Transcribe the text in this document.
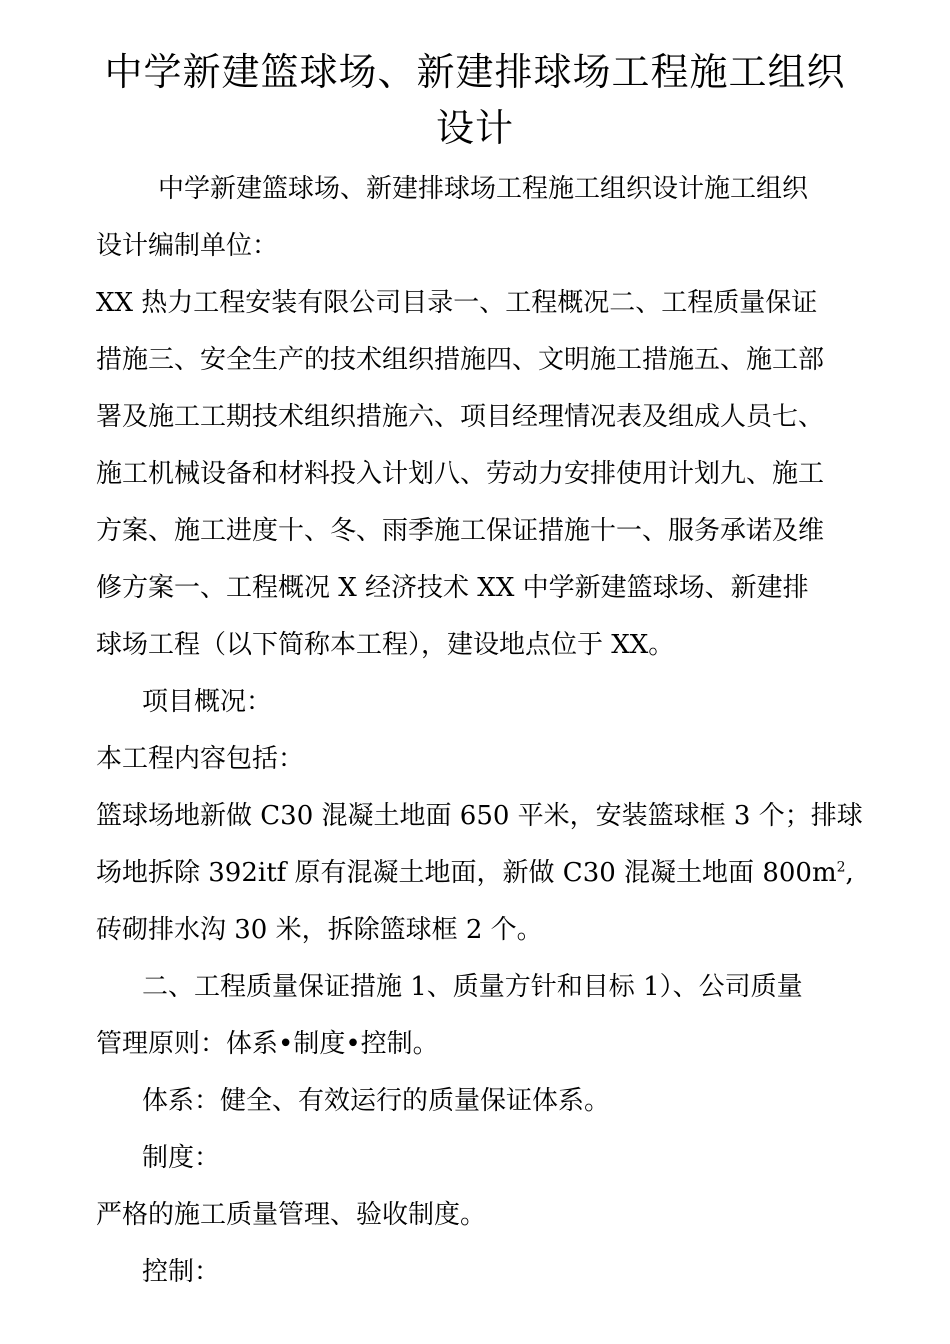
中学新建篮球场、新建排球场工程施工组织
设计

中学新建篮球场、新建排球场工程施工组织设计施工组织

设计编制单位：

XX 热力工程安装有限公司目录一、工程概况二、工程质量保证

措施三、安全生产的技术组织措施四、文明施工措施五、施工部

署及施工工期技术组织措施六、项目经理情况表及组成人员七、

施工机械设备和材料投入计划八、劳动力安排使用计划九、施工

方案、施工进度十、冬、雨季施工保证措施十一、服务承诺及维

修方案一、工程概况 X 经济技术 XX 中学新建篮球场、新建排

球场工程（以下简称本工程），建设地点位于 XX。

项目概况：

本工程内容包括：

篮球场地新做 C30 混凝土地面 650 平米，安装篮球框 3 个；排球

场地拆除 392itf 原有混凝土地面，新做 C30 混凝土地面 $800m^2$,

砖砌排水沟 30 米，拆除篮球框 2 个。

二、工程质量保证措施 1、质量方针和目标 1）、公司质量

管理原则：体系•制度•控制。

体系：健全、有效运行的质量保证体系。

制度：

严格的施工质量管理、验收制度。

控制：
